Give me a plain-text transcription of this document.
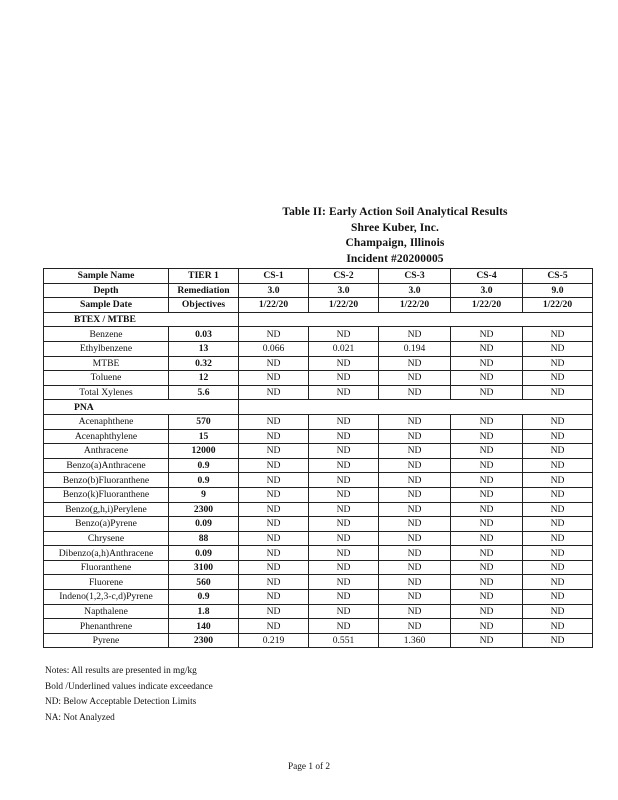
Table II: Early Action Soil Analytical Results
Shree Kuber, Inc.
Champaign, Illinois
Incident #20200005
Sample Name	TIER 1	CS-1	CS-2	CS-3	CS-4	CS-5
Depth	Remediation	3.0	3.0	3.0	3.0	9.0
Sample Date	Objectives	1/22/20	1/22/20	1/22/20	1/22/20	1/22/20
BTEX / MTBE						
Benzene	0.03	ND	ND	ND	ND	ND
Ethylbenzene	13	0.066	0.021	0.194	ND	ND
MTBE	0.32	ND	ND	ND	ND	ND
Toluene	12	ND	ND	ND	ND	ND
Total Xylenes	5.6	ND	ND	ND	ND	ND
PNA						
Acenaphthene	570	ND	ND	ND	ND	ND
Acenaphthylene	15	ND	ND	ND	ND	ND
Anthracene	12000	ND	ND	ND	ND	ND
Benzo(a)Anthracene	0.9	ND	ND	ND	ND	ND
Benzo(b)Fluoranthene	0.9	ND	ND	ND	ND	ND
Benzo(k)Fluoranthene	9	ND	ND	ND	ND	ND
Benzo(g,h,i)Perylene	2300	ND	ND	ND	ND	ND
Benzo(a)Pyrene	0.09	ND	ND	ND	ND	ND
Chrysene	88	ND	ND	ND	ND	ND
Dibenzo(a,h)Anthracene	0.09	ND	ND	ND	ND	ND
Fluoranthene	3100	ND	ND	ND	ND	ND
Fluorene	560	ND	ND	ND	ND	ND
Indeno(1,2,3-c,d)Pyrene	0.9	ND	ND	ND	ND	ND
Napthalene	1.8	ND	ND	ND	ND	ND
Phenanthrene	140	ND	ND	ND	ND	ND
Pyrene	2300	0.219	0.551	1.360	ND	ND
Notes: All results are presented in mg/kg
Bold /Underlined values indicate exceedance
ND: Below Acceptable Detection Limits
NA: Not Analyzed
Page 1 of 2
